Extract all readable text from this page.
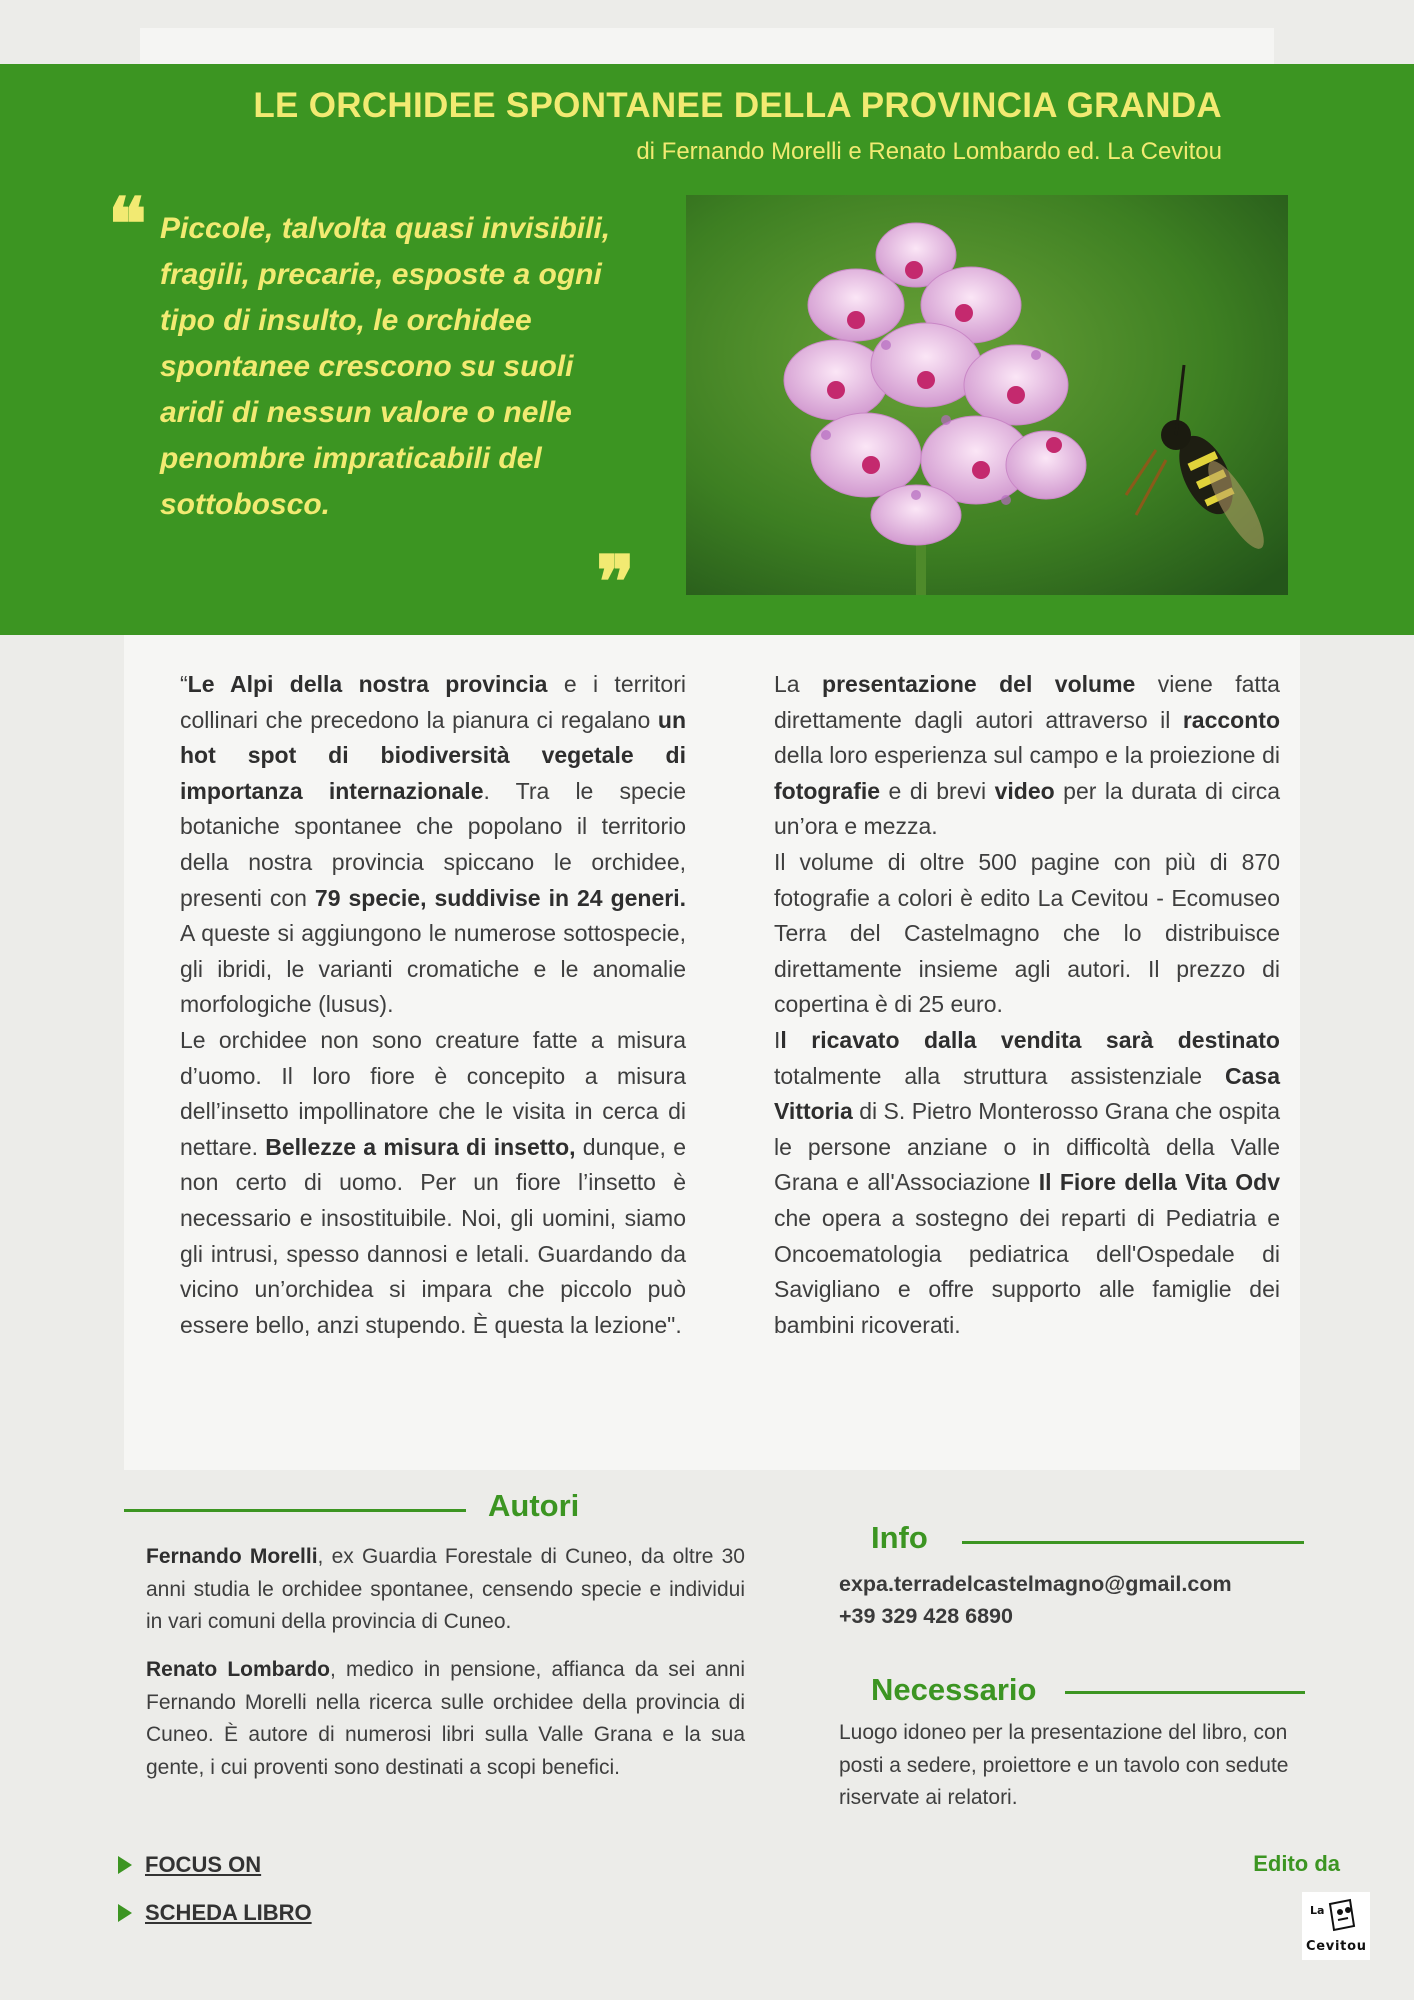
LE ORCHIDEE SPONTANEE DELLA PROVINCIA GRANDA
di Fernando Morelli e Renato Lombardo ed. La Cevitou
❝ Piccole, talvolta quasi invisibili, fragili, precarie, esposte a ogni tipo di insulto, le orchidee spontanee crescono su suoli aridi di nessun valore o nelle penombre impraticabili del sottobosco.
❞

“Le Alpi della nostra provincia e i territori collinari che precedono la pianura ci regalano un hot spot di biodiversità vegetale di importanza internazionale. Tra le specie botaniche spontanee che popolano il territorio della nostra provincia spiccano le orchidee, presenti con 79 specie, suddivise in 24 generi. A queste si aggiungono le numerose sottospecie, gli ibridi, le varianti cromatiche e le anomalie morfologiche (lusus).

Le orchidee non sono creature fatte a misura d’uomo. Il loro fiore è concepito a misura dell’insetto impollinatore che le visita in cerca di nettare. Bellezze a misura di insetto, dunque, e non certo di uomo. Per un fiore l’insetto è necessario e insostituibile. Noi, gli uomini, siamo gli intrusi, spesso dannosi e letali. Guardando da vicino un’orchidea si impara che piccolo può essere bello, anzi stupendo. È questa la lezione".

La presentazione del volume viene fatta direttamente dagli autori attraverso il racconto della loro esperienza sul campo e la proiezione di fotografie e di brevi video per la durata di circa un’ora e mezza.

Il volume di oltre 500 pagine con più di 870 fotografie a colori è edito La Cevitou - Ecomuseo Terra del Castelmagno che lo distribuisce direttamente insieme agli autori. Il prezzo di copertina è di 25 euro.

Il ricavato dalla vendita sarà destinato totalmente alla struttura assistenziale Casa Vittoria di S. Pietro Monterosso Grana che ospita le persone anziane o in difficoltà della Valle Grana e all'Associazione Il Fiore della Vita Odv che opera a sostegno dei reparti di Pediatria e Oncoematologia pediatrica dell'Ospedale di Savigliano e offre supporto alle famiglie dei bambini ricoverati.

Autori

Fernando Morelli, ex Guardia Forestale di Cuneo, da oltre 30 anni studia le orchidee spontanee, censendo specie e individui in vari comuni della provincia di Cuneo.

Renato Lombardo, medico in pensione, affianca da sei anni Fernando Morelli nella ricerca sulle orchidee della provincia di Cuneo. È autore di numerosi libri sulla Valle Grana e la sua gente, i cui proventi sono destinati a scopi benefici.

Info
expa.terradelcastelmagno@gmail.com
+39 329 428 6890
Necessario

Luogo idoneo per la presentazione del libro, con posti a sedere, proiettore e un tavolo con sedute riservate ai relatori.

FOCUS ON
SCHEDA LIBRO
Edito da
La
Cevitou
